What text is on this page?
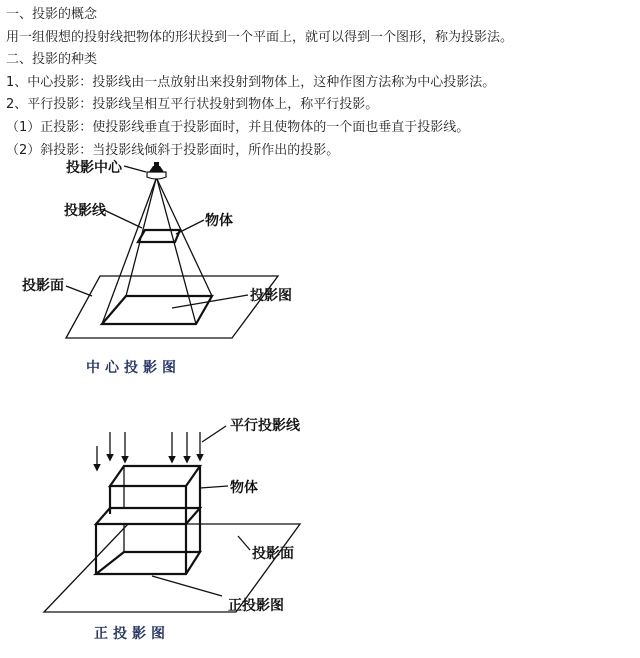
一、投影的概念
用一组假想的投射线把物体的形状投到一个平面上，就可以得到一个图形，称为投影法。
二、投影的种类
1、中心投影：投影线由一点放射出来投射到物体上，这种作图方法称为中心投影法。
2、平行投影：投影线呈相互平行状投射到物体上，称平行投影。
（1）正投影：使投影线垂直于投影面时，并且使物体的一个面也垂直于投影线。
（2）斜投影：当投影线倾斜于投影面时，所作出的投影。
投影中心
投影线
物体
投影面
投影图
中心投影图
平行投影线
物体
投影面
正投影图
正投影图
